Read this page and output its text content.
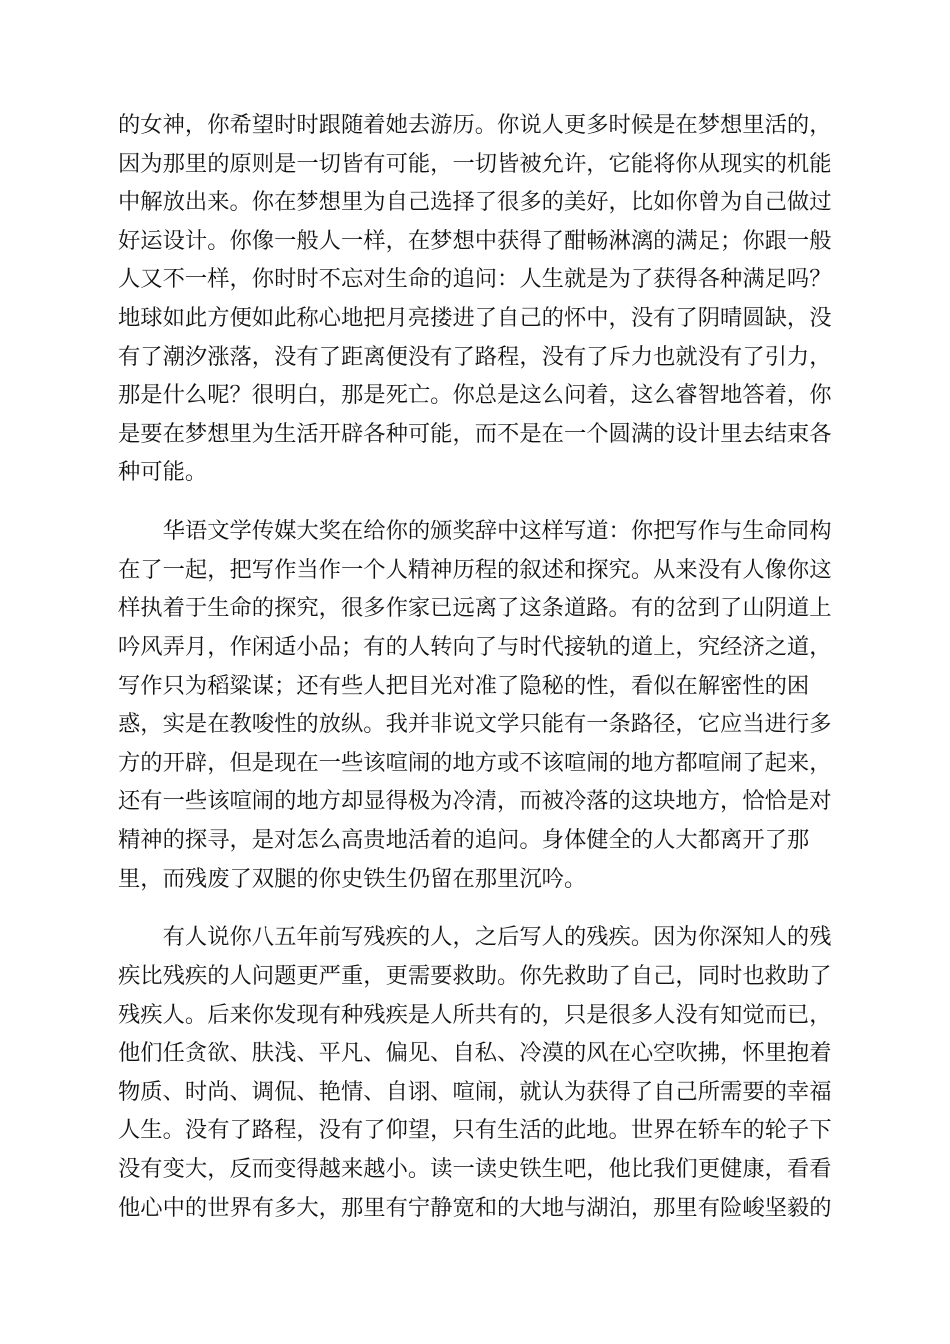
的女神，你希望时时跟随着她去游历。你说人更多时候是在梦想里活的，
因为那里的原则是一切皆有可能，一切皆被允许，它能将你从现实的机能
中解放出来。你在梦想里为自己选择了很多的美好，比如你曾为自己做过
好运设计。你像一般人一样，在梦想中获得了酣畅淋漓的满足；你跟一般
人又不一样，你时时不忘对生命的追问：人生就是为了获得各种满足吗？
地球如此方便如此称心地把月亮搂进了自己的怀中，没有了阴晴圆缺，没
有了潮汐涨落，没有了距离便没有了路程，没有了斥力也就没有了引力，
那是什么呢？很明白，那是死亡。你总是这么问着，这么睿智地答着，你
是要在梦想里为生活开辟各种可能，而不是在一个圆满的设计里去结束各
种可能。
　　华语文学传媒大奖在给你的颁奖辞中这样写道：你把写作与生命同构
在了一起，把写作当作一个人精神历程的叙述和探究。从来没有人像你这
样执着于生命的探究，很多作家已远离了这条道路。有的岔到了山阴道上
吟风弄月，作闲适小品；有的人转向了与时代接轨的道上，究经济之道，
写作只为稻粱谋；还有些人把目光对准了隐秘的性，看似在解密性的困
惑，实是在教唆性的放纵。我并非说文学只能有一条路径，它应当进行多
方的开辟，但是现在一些该喧闹的地方或不该喧闹的地方都喧闹了起来，
还有一些该喧闹的地方却显得极为冷清，而被冷落的这块地方，恰恰是对
精神的探寻，是对怎么高贵地活着的追问。身体健全的人大都离开了那
里，而残废了双腿的你史铁生仍留在那里沉吟。
　　有人说你八五年前写残疾的人，之后写人的残疾。因为你深知人的残
疾比残疾的人问题更严重，更需要救助。你先救助了自己，同时也救助了
残疾人。后来你发现有种残疾是人所共有的，只是很多人没有知觉而已，
他们任贪欲、肤浅、平凡、偏见、自私、冷漠的风在心空吹拂，怀里抱着
物质、时尚、调侃、艳情、自诩、喧闹，就认为获得了自己所需要的幸福
人生。没有了路程，没有了仰望，只有生活的此地。世界在轿车的轮子下
没有变大，反而变得越来越小。读一读史铁生吧，他比我们更健康，看看
他心中的世界有多大，那里有宁静宽和的大地与湖泊，那里有险峻坚毅的
